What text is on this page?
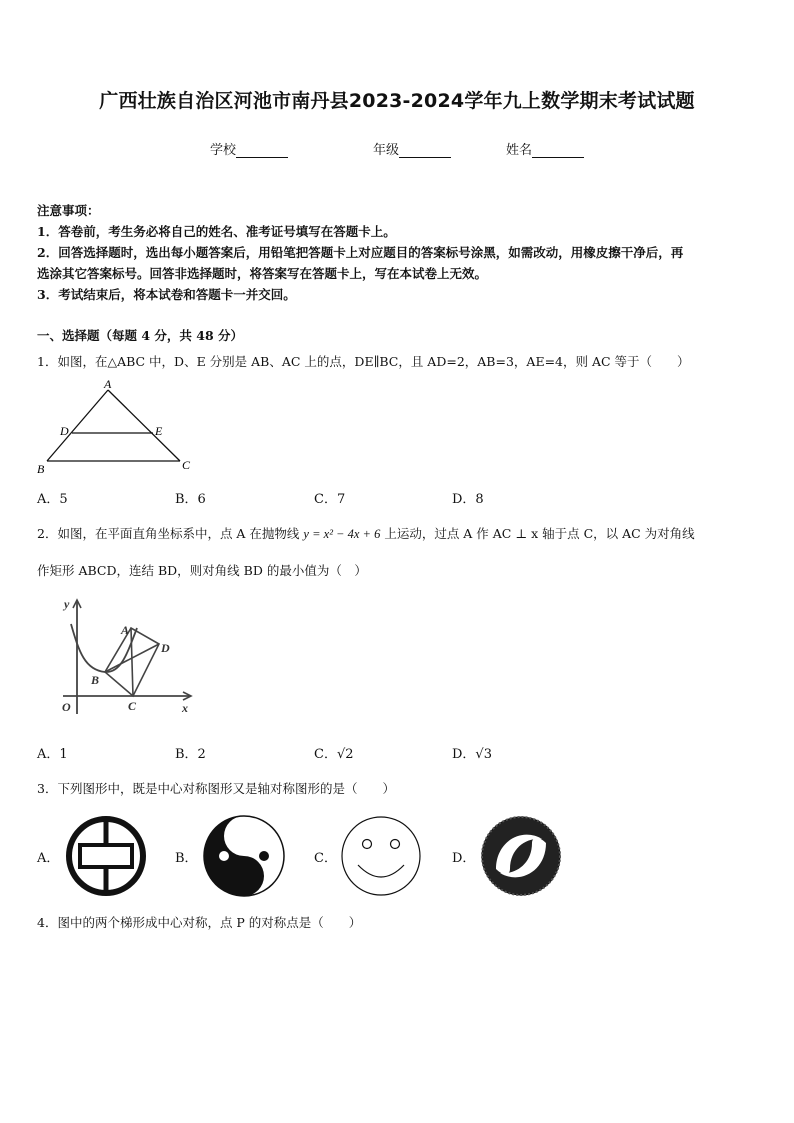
广西壮族自治区河池市南丹县2023-2024学年九上数学期末考试试题
学校	年级	姓名
注意事项：
1．答卷前，考生务必将自己的姓名、准考证号填写在答题卡上。
2．回答选择题时，选出每小题答案后，用铅笔把答题卡上对应题目的答案标号涂黑，如需改动，用橡皮擦干净后，再
选涂其它答案标号。回答非选择题时，将答案写在答题卡上，写在本试卷上无效。
3．考试结束后，将本试卷和答题卡一并交回。
一、选择题（每题 4 分，共 48 分）
1．如图，在△ABC 中，D、E 分别是 AB、AC 上的点，DE∥BC，且 AD=2，AB=3，AE=4，则 AC 等于（　　）
A
D	E
B	C
A．5	B．6	C．7	D．8
2．如图，在平面直角坐标系中，点 A 在抛物线 y = x² − 4x + 6 上运动，过点 A 作 AC ⊥ x 轴于点 C，以 AC 为对角线
作矩形 ABCD，连结 BD，则对角线 BD 的最小值为（　）
y
x
O
A
B
C
D
A．1	B．2	C．√2	D．√3
3．下列图形中，既是中心对称图形又是轴对称图形的是（　　）
A．	B．	C．	D．
4．图中的两个梯形成中心对称，点 P 的对称点是（　　）
